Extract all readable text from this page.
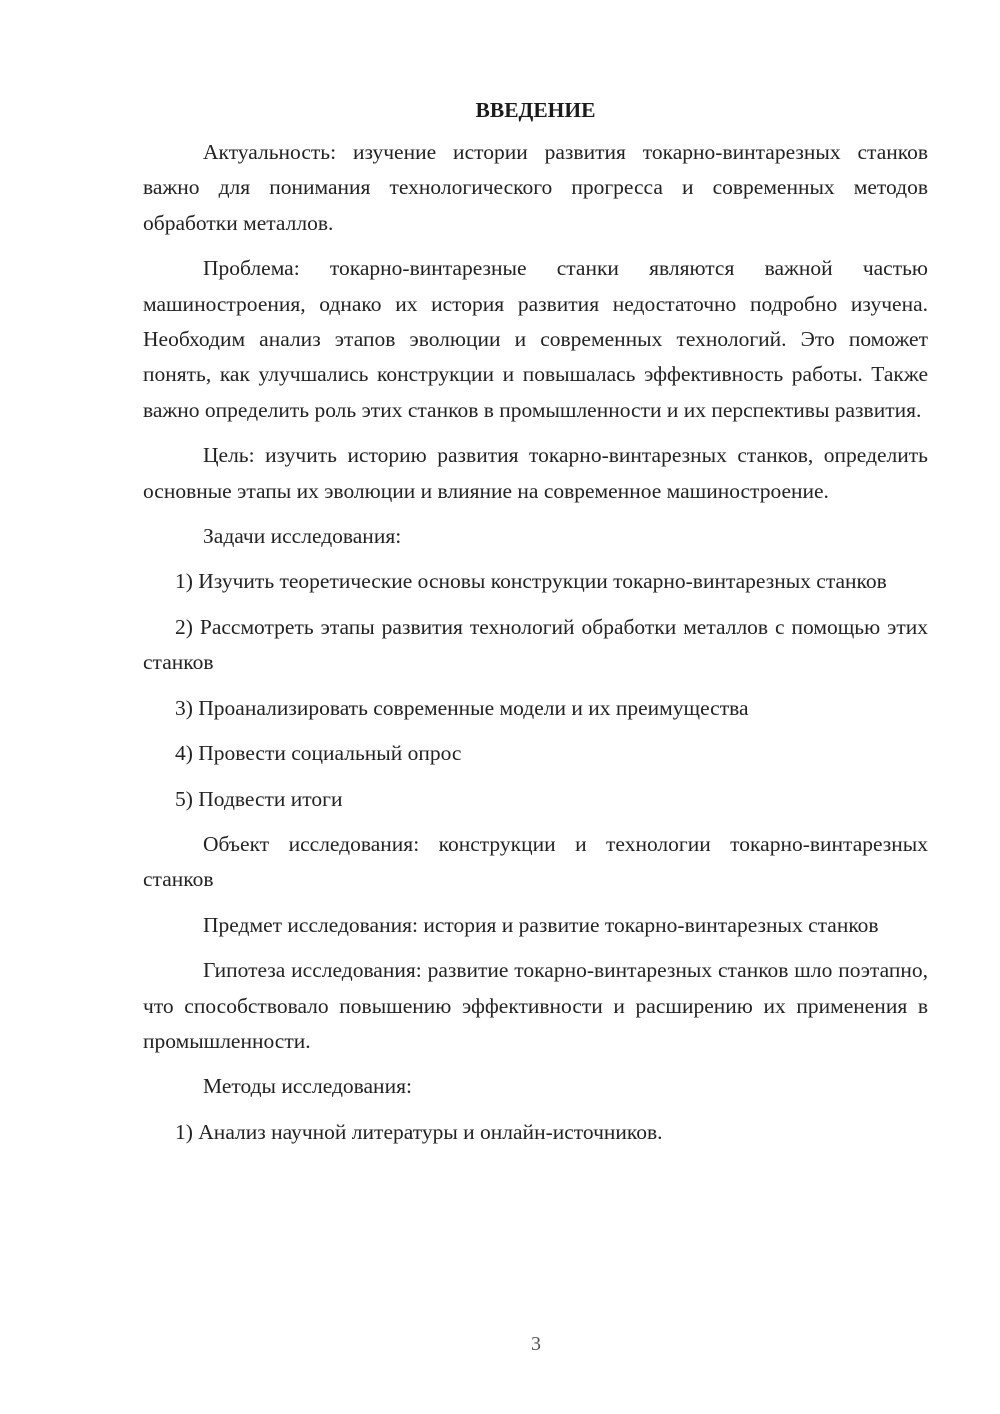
ВВЕДЕНИЕ
Актуальность: изучение истории развития токарно-винтарезных станков важно для понимания технологического прогресса и современных методов обработки металлов.
Проблема: токарно-винтарезные станки являются важной частью машиностроения, однако их история развития недостаточно подробно изучена. Необходим анализ этапов эволюции и современных технологий. Это поможет понять, как улучшались конструкции и повышалась эффективность работы. Также важно определить роль этих станков в промышленности и их перспективы развития.
Цель: изучить историю развития токарно-винтарезных станков, определить основные этапы их эволюции и влияние на современное машиностроение.
Задачи исследования:
1) Изучить теоретические основы конструкции токарно-винтарезных станков
2) Рассмотреть этапы развития технологий обработки металлов с помощью этих станков
3) Проанализировать современные модели и их преимущества
4) Провести социальный опрос
5) Подвести итоги
Объект исследования: конструкции и технологии токарно-винтарезных станков
Предмет исследования: история и развитие токарно-винтарезных станков
Гипотеза исследования: развитие токарно-винтарезных станков шло поэтапно, что способствовало повышению эффективности и расширению их применения в промышленности.
Методы исследования:
1) Анализ научной литературы и онлайн-источников.
3
